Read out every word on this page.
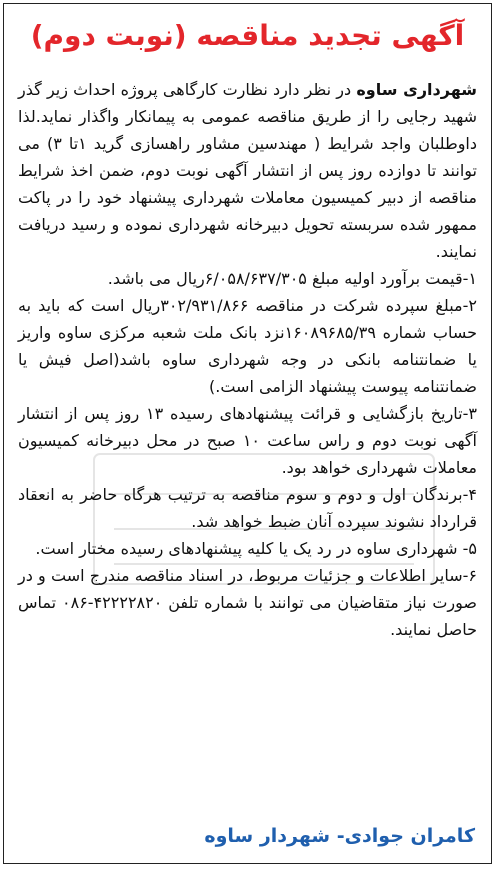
آگهی تجدید مناقصه (نوبت دوم)

شهرداری ساوه در نظر دارد نظارت کارگاهی پروژه احداث زیر گذر شهید رجایی را از طریق مناقصه عمومی به پیمانکار واگذار نماید.لذا داوطلبان واجد شرایط ( مهندسین مشاور راهسازی گرید ۱تا ۳) می توانند تا دوازده روز پس از انتشار آگهی نوبت دوم، ضمن اخذ شرایط مناقصه از دبیر کمیسیون معاملات شهرداری پیشنهاد خود را در پاکت ممهور شده سربسته تحویل دبیرخانه شهرداری نموده و رسید دریافت نمایند.

۱-قیمت برآورد اولیه مبلغ ۶/۰۵۸/۶۳۷/۳۰۵ریال می باشد.

۲-مبلغ سپرده شرکت در مناقصه ۳۰۲/۹۳۱/۸۶۶ریال است که باید به حساب شماره ۱۶۰۸۹۶۸۵/۳۹نزد بانک ملت شعبه مرکزی ساوه واریز یا ضمانتنامه بانکی در وجه شهرداری ساوه باشد(اصل فیش یا ضمانتنامه پیوست پیشنهاد الزامی است.)

۳-تاریخ بازگشایی و قرائت پیشنهادهای رسیده ۱۳ روز پس از انتشار آگهی نوبت دوم و راس ساعت ۱۰ صبح در محل دبیرخانه کمیسیون معاملات شهرداری خواهد بود.

۴-برندگان اول و دوم و سوم مناقصه به ترتیب هرگاه حاضر به انعقاد قرارداد نشوند سپرده آنان ضبط خواهد شد.

۵- شهرداری ساوه در رد یک یا کلیه پیشنهادهای رسیده مختار است.

۶-سایر اطلاعات و جزئیات مربوط، در اسناد مناقصه مندرج است و در صورت نیاز متقاضیان می توانند با شماره تلفن ۴۲۲۲۲۸۲۰-۰۸۶ تماس حاصل نمایند.

کامران جوادی- شهردار ساوه
